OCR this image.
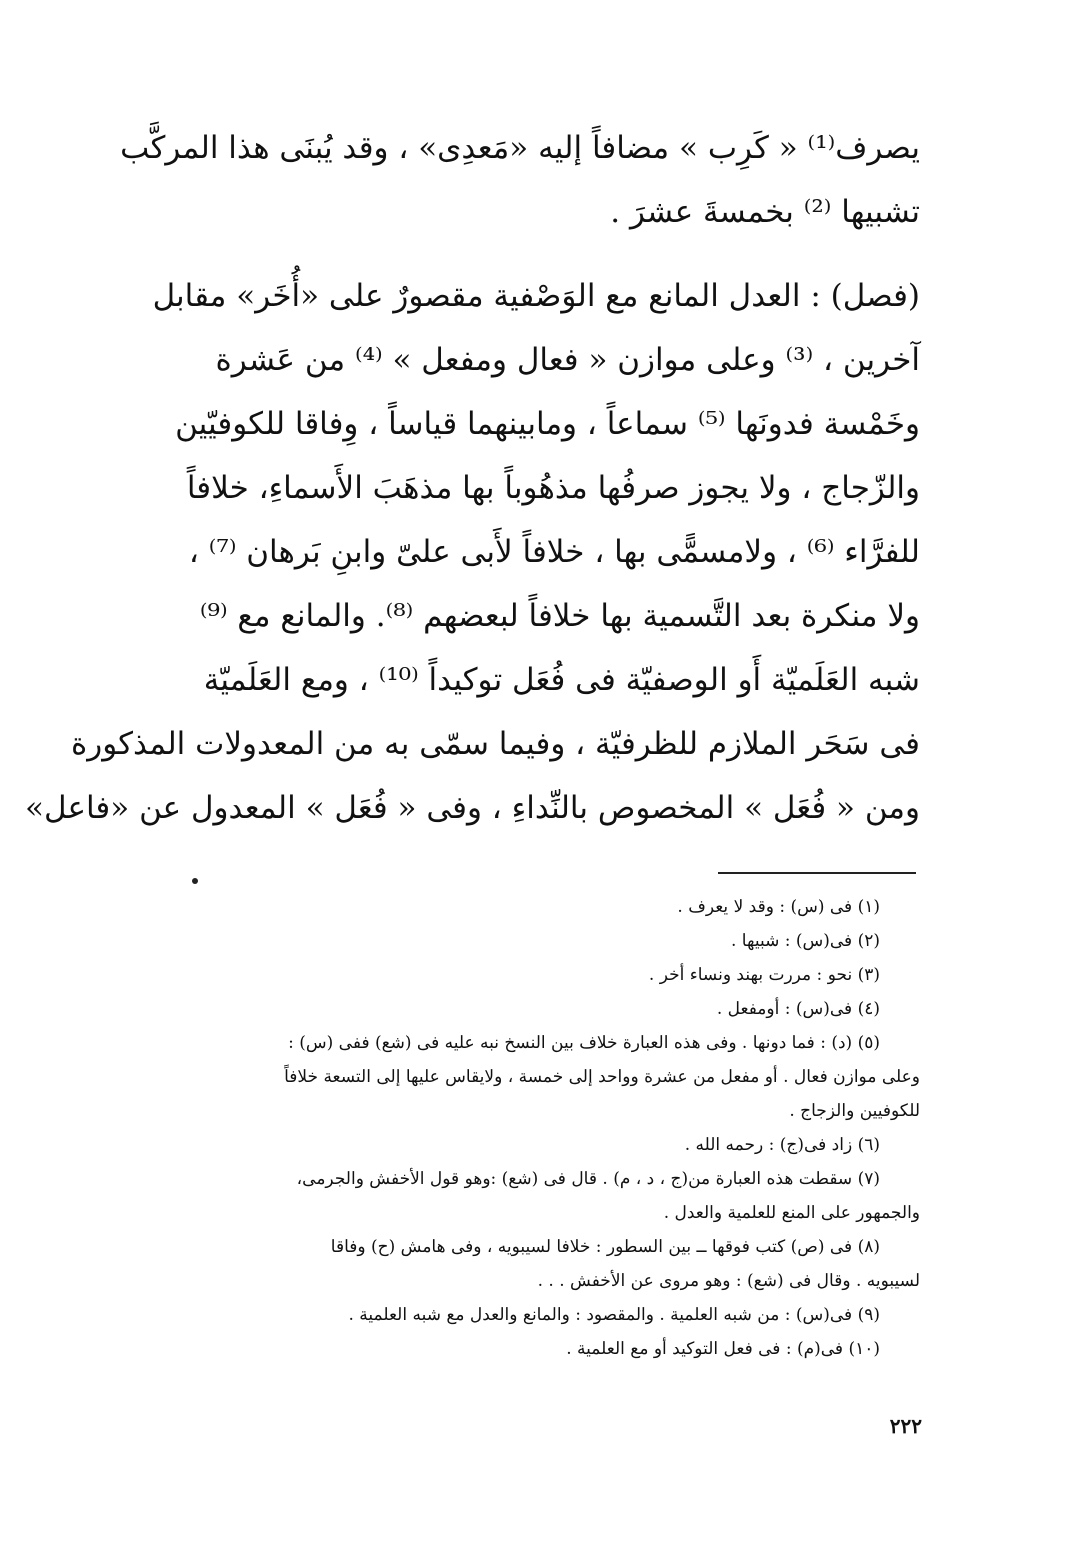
يصرف⁽¹⁾ « كَرِب » مضافاً إليه «مَعدِى» ، وقد يُبنَى هذا المركَّب
تشبيها ⁽²⁾ بخمسةَ عشرَ .
(فصل) : العدل المانع مع الوَصْفية مقصورٌ على «أُخَر» مقابل
آخرين ، ⁽³⁾ وعلى موازن « فعال ومفعل » ⁽⁴⁾ من عَشرة
وخَمْسة فدونَها ⁽⁵⁾ سماعاً ، ومابينهما قياساً ، وِفاقا للكوفيّين
والزّجاج ، ولا يجوز صرفُها مذهُوباً بها مذهَبَ الأَسماءِ، خلافاً
للفرَّاء ⁽⁶⁾ ، ولامسمًّى بها ، خلافاً لأَبى علىّ وابنِ بَرهان ⁽⁷⁾ ،
ولا منكرة بعد التَّسمية بها خلافاً لبعضهم ⁽⁸⁾. والمانع مع ⁽⁹⁾
شبه العَلَميّة أَو الوصفيّة فى فُعَل توكيداً ⁽¹⁰⁾ ، ومع العَلَميّة
فى سَحَر الملازم للظرفيّة ، وفيما سمّى به من المعدولات المذكورة
ومن « فُعَل » المخصوص بالنِّداءِ ، وفى « فُعَل » المعدول عن «فاعل»
(١) فى (س) : وقد لا يعرف .
(٢) فى(س) : شبيها .
(٣) نحو : مررت بهند ونساء أخر .
(٤) فى(س) : أومفعل .
(٥) (د) : فما دونها . وفى هذه العبارة خلاف بين النسخ نبه عليه فى (شع) ففى (س) :
وعلى موازن فعال . أو مفعل من عشرة وواحد إلى خمسة ، ولايقاس عليها إلى التسعة خلافاً
للكوفيين والزجاج .
(٦) زاد فى(ج) : رحمه الله .
(٧) سقطت هذه العبارة من(ج ، د ، م) . قال فى (شع) :وهو قول الأخفش والجرمى،
والجمهور على المنع للعلمية والعدل .
(٨) فى (ص) كتب فوقها ــ بين السطور : خلافا لسيبويه ، وفى هامش (ح) وفاقا
لسيبويه . وقال فى (شع) : وهو مروى عن الأخفش . . .
(٩) فى(س) : من شبه العلمية . والمقصود : والمانع والعدل مع شبه العلمية .
(١٠) فى(م) : فى فعل التوكيد أو مع العلمية .
٢٢٢
